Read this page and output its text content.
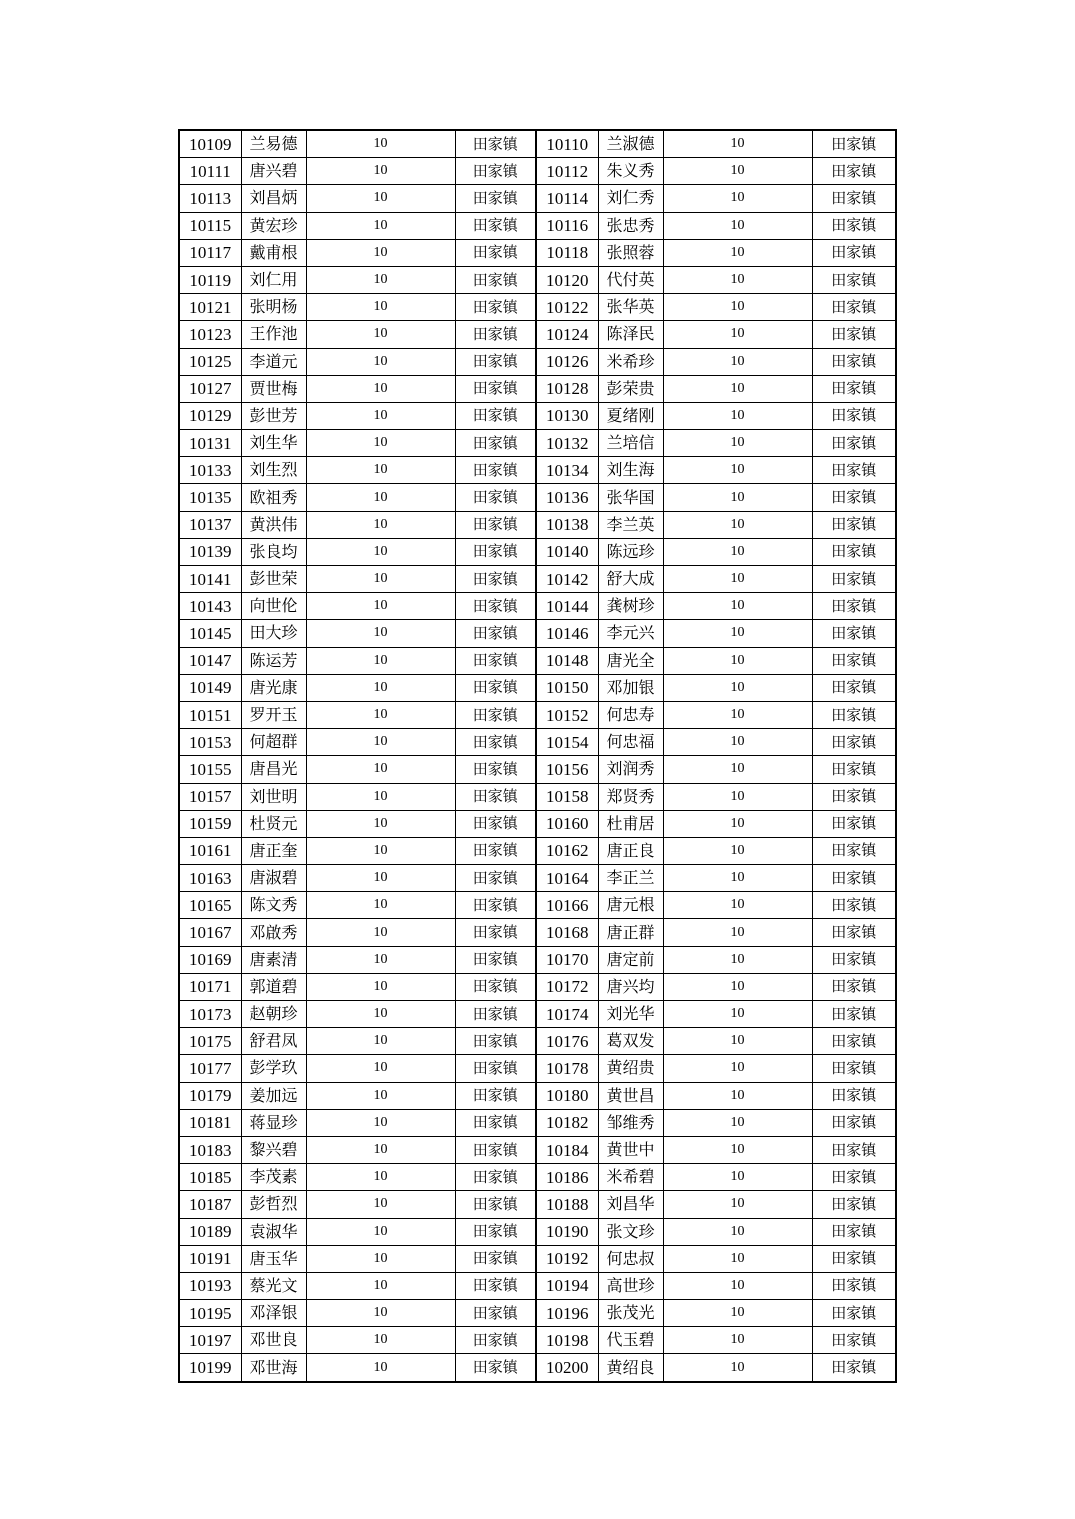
10109	兰易德	10	田家镇	10110	兰淑德	10	田家镇
10111	唐兴碧	10	田家镇	10112	朱义秀	10	田家镇
10113	刘昌炳	10	田家镇	10114	刘仁秀	10	田家镇
10115	黄宏珍	10	田家镇	10116	张忠秀	10	田家镇
10117	戴甫根	10	田家镇	10118	张照蓉	10	田家镇
10119	刘仁用	10	田家镇	10120	代付英	10	田家镇
10121	张明杨	10	田家镇	10122	张华英	10	田家镇
10123	王作池	10	田家镇	10124	陈泽民	10	田家镇
10125	李道元	10	田家镇	10126	米希珍	10	田家镇
10127	贾世梅	10	田家镇	10128	彭荣贵	10	田家镇
10129	彭世芳	10	田家镇	10130	夏绪刚	10	田家镇
10131	刘生华	10	田家镇	10132	兰培信	10	田家镇
10133	刘生烈	10	田家镇	10134	刘生海	10	田家镇
10135	欧祖秀	10	田家镇	10136	张华国	10	田家镇
10137	黄洪伟	10	田家镇	10138	李兰英	10	田家镇
10139	张良均	10	田家镇	10140	陈远珍	10	田家镇
10141	彭世荣	10	田家镇	10142	舒大成	10	田家镇
10143	向世伦	10	田家镇	10144	龚树珍	10	田家镇
10145	田大珍	10	田家镇	10146	李元兴	10	田家镇
10147	陈运芳	10	田家镇	10148	唐光全	10	田家镇
10149	唐光康	10	田家镇	10150	邓加银	10	田家镇
10151	罗开玉	10	田家镇	10152	何忠寿	10	田家镇
10153	何超群	10	田家镇	10154	何忠福	10	田家镇
10155	唐昌光	10	田家镇	10156	刘润秀	10	田家镇
10157	刘世明	10	田家镇	10158	郑贤秀	10	田家镇
10159	杜贤元	10	田家镇	10160	杜甫居	10	田家镇
10161	唐正奎	10	田家镇	10162	唐正良	10	田家镇
10163	唐淑碧	10	田家镇	10164	李正兰	10	田家镇
10165	陈文秀	10	田家镇	10166	唐元根	10	田家镇
10167	邓啟秀	10	田家镇	10168	唐正群	10	田家镇
10169	唐素清	10	田家镇	10170	唐定前	10	田家镇
10171	郭道碧	10	田家镇	10172	唐兴均	10	田家镇
10173	赵朝珍	10	田家镇	10174	刘光华	10	田家镇
10175	舒君凤	10	田家镇	10176	葛双发	10	田家镇
10177	彭学玖	10	田家镇	10178	黄绍贵	10	田家镇
10179	姜加远	10	田家镇	10180	黄世昌	10	田家镇
10181	蒋显珍	10	田家镇	10182	邹维秀	10	田家镇
10183	黎兴碧	10	田家镇	10184	黄世中	10	田家镇
10185	李茂素	10	田家镇	10186	米希碧	10	田家镇
10187	彭哲烈	10	田家镇	10188	刘昌华	10	田家镇
10189	袁淑华	10	田家镇	10190	张文珍	10	田家镇
10191	唐玉华	10	田家镇	10192	何忠叔	10	田家镇
10193	蔡光文	10	田家镇	10194	高世珍	10	田家镇
10195	邓泽银	10	田家镇	10196	张茂光	10	田家镇
10197	邓世良	10	田家镇	10198	代玉碧	10	田家镇
10199	邓世海	10	田家镇	10200	黄绍良	10	田家镇
